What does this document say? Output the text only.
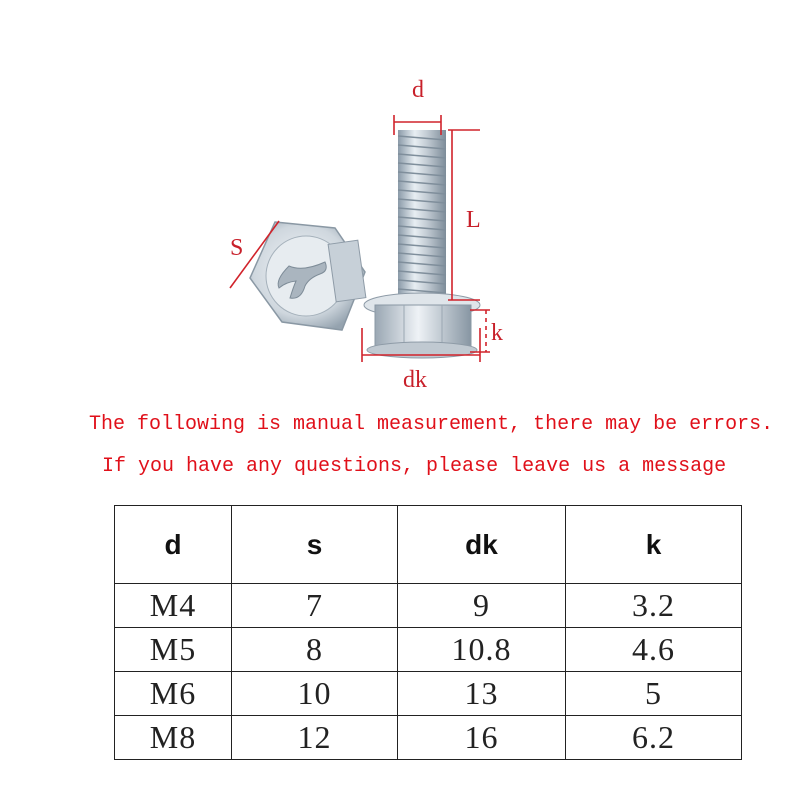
d
L
S
k
dk
The following is manual measurement, there may be errors.
If you have any questions, please leave us a message
d	s	dk	k
M4	7	9	3.2
M5	8	10.8	4.6
M6	10	13	5
M8	12	16	6.2
